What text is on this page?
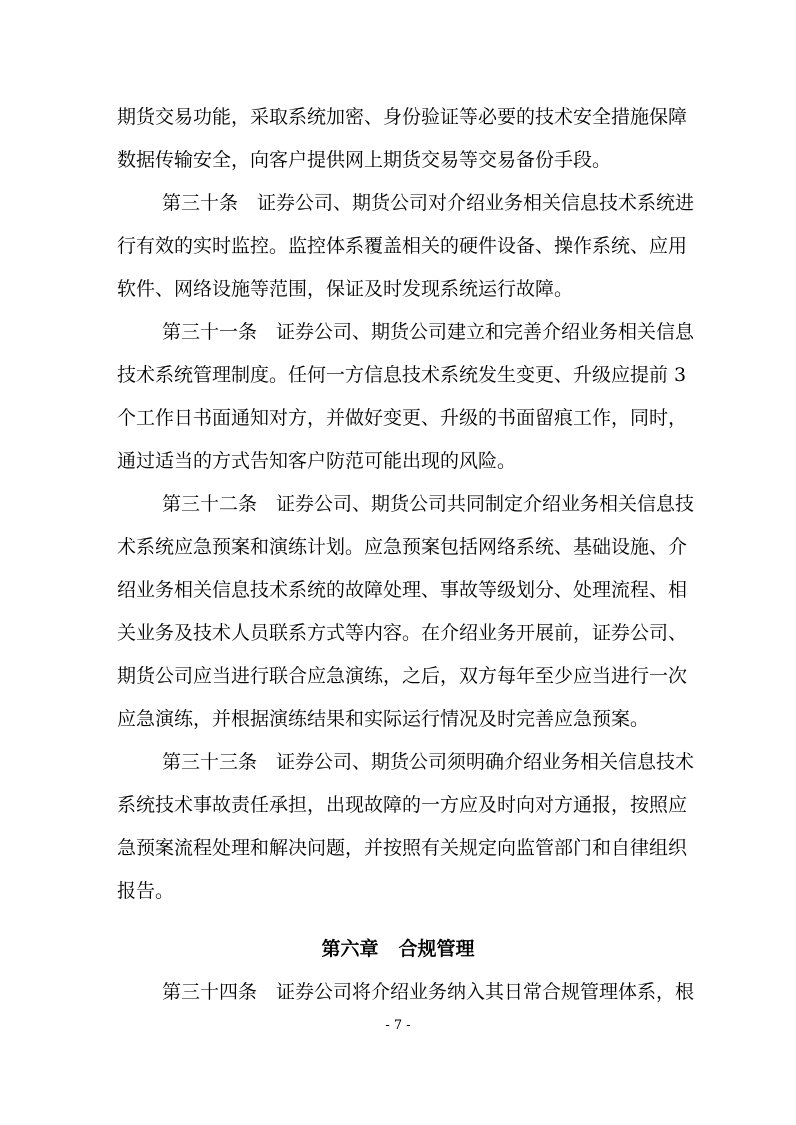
期货交易功能，采取系统加密、身份验证等必要的技术安全措施保障
数据传输安全，向客户提供网上期货交易等交易备份手段。
第三十条　证券公司、期货公司对介绍业务相关信息技术系统进
行有效的实时监控。监控体系覆盖相关的硬件设备、操作系统、应用
软件、网络设施等范围，保证及时发现系统运行故障。
第三十一条　证券公司、期货公司建立和完善介绍业务相关信息
技术系统管理制度。任何一方信息技术系统发生变更、升级应提前 3
个工作日书面通知对方，并做好变更、升级的书面留痕工作，同时，
通过适当的方式告知客户防范可能出现的风险。
第三十二条　证券公司、期货公司共同制定介绍业务相关信息技
术系统应急预案和演练计划。应急预案包括网络系统、基础设施、介
绍业务相关信息技术系统的故障处理、事故等级划分、处理流程、相
关业务及技术人员联系方式等内容。在介绍业务开展前，证券公司、
期货公司应当进行联合应急演练，之后，双方每年至少应当进行一次
应急演练，并根据演练结果和实际运行情况及时完善应急预案。
第三十三条　证券公司、期货公司须明确介绍业务相关信息技术
系统技术事故责任承担，出现故障的一方应及时向对方通报，按照应
急预案流程处理和解决问题，并按照有关规定向监管部门和自律组织
报告。
第六章 合规管理
第三十四条　证券公司将介绍业务纳入其日常合规管理体系，根
- 7 -
